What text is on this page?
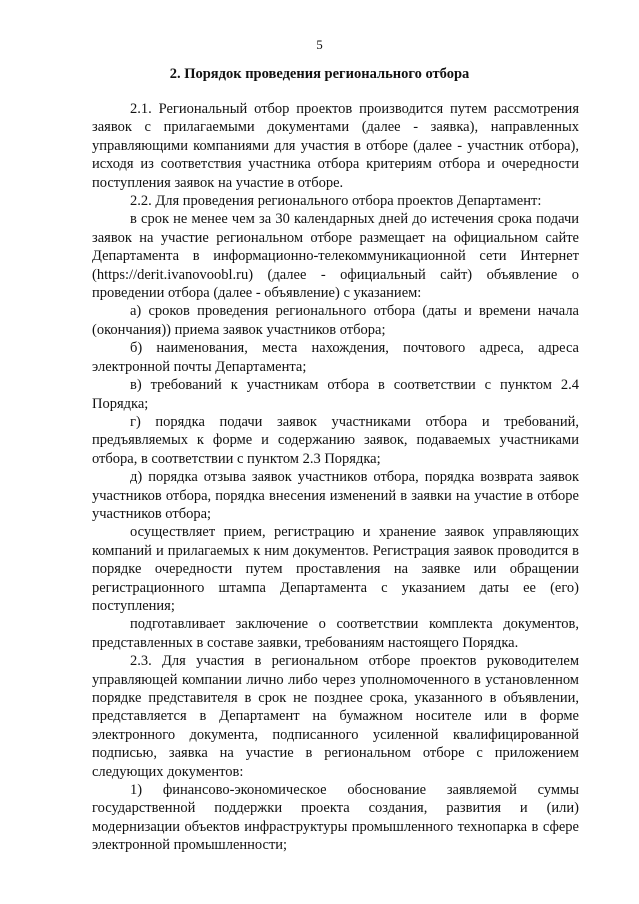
5
2. Порядок проведения регионального отбора

2.1. Региональный отбор проектов производится путем рассмотрения заявок с прилагаемыми документами (далее - заявка), направленных управляющими компаниями для участия в отборе (далее - участник отбора), исходя из соответствия участника отбора критериям отбора и очередности поступления заявок на участие в отборе.

2.2. Для проведения регионального отбора проектов Департамент:

в срок не менее чем за 30 календарных дней до истечения срока подачи заявок на участие региональном отборе размещает на официальном сайте Департамента в информационно-телекоммуникационной сети Интернет (https://derit.ivanovoobl.ru) (далее - официальный сайт) объявление о проведении отбора (далее - объявление) с указанием:

а) сроков проведения регионального отбора (даты и времени начала (окончания)) приема заявок участников отбора;

б) наименования, места нахождения, почтового адреса, адреса электронной почты Департамента;

в) требований к участникам отбора в соответствии с пунктом 2.4 Порядка;

г) порядка подачи заявок участниками отбора и требований, предъявляемых к форме и содержанию заявок, подаваемых участниками отбора, в соответствии с пунктом 2.3 Порядка;

д) порядка отзыва заявок участников отбора, порядка возврата заявок участников отбора, порядка внесения изменений в заявки на участие в отборе участников отбора;

осуществляет прием, регистрацию и хранение заявок управляющих компаний и прилагаемых к ним документов. Регистрация заявок проводится в порядке очередности путем проставления на заявке или обращении регистрационного штампа Департамента с указанием даты ее (его) поступления;

подготавливает заключение о соответствии комплекта документов, представленных в составе заявки, требованиям настоящего Порядка.

2.3. Для участия в региональном отборе проектов руководителем управляющей компании лично либо через уполномоченного в установленном порядке представителя в срок не позднее срока, указанного в объявлении, представляется в Департамент на бумажном носителе или в форме электронного документа, подписанного усиленной квалифицированной подписью, заявка на участие в региональном отборе с приложением следующих документов:

1) финансово-экономическое обоснование заявляемой суммы государственной поддержки проекта создания, развития и (или) модернизации объектов инфраструктуры промышленного технопарка в сфере электронной промышленности;
